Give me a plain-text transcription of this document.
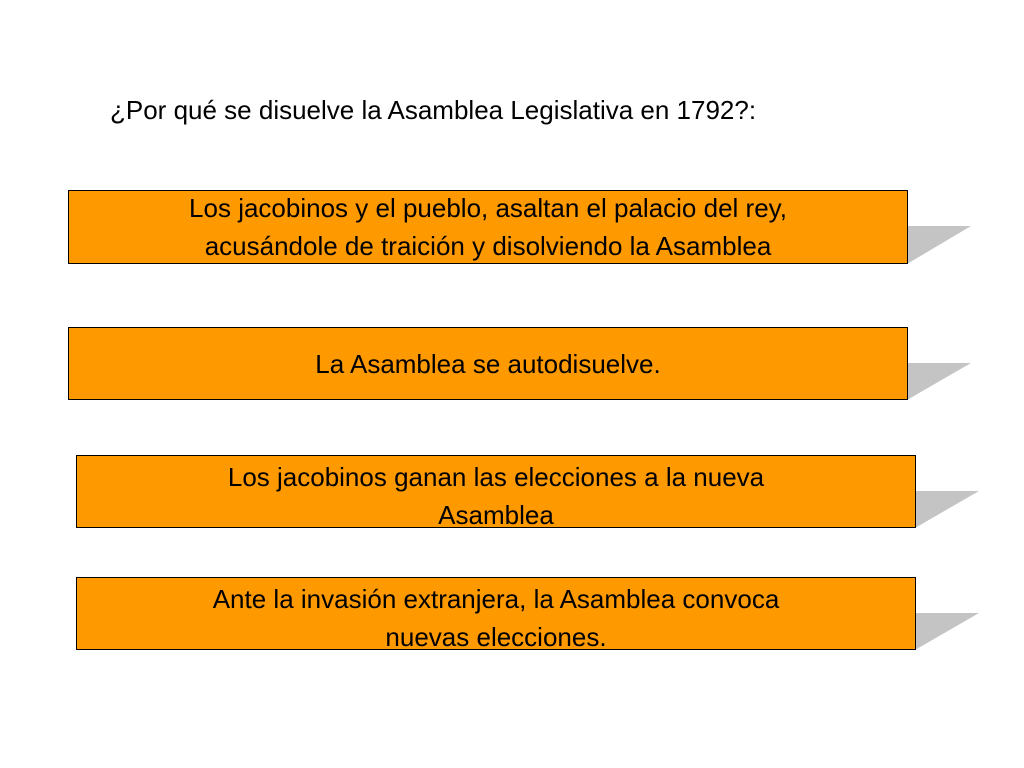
¿Por qué se disuelve la Asamblea Legislativa en 1792?:
Los jacobinos y el pueblo, asaltan el palacio del rey,
acusándole de traición y disolviendo la Asamblea
La Asamblea se autodisuelve.
Los jacobinos ganan las elecciones a la nueva
Asamblea
Ante la invasión extranjera, la Asamblea convoca
nuevas elecciones.
